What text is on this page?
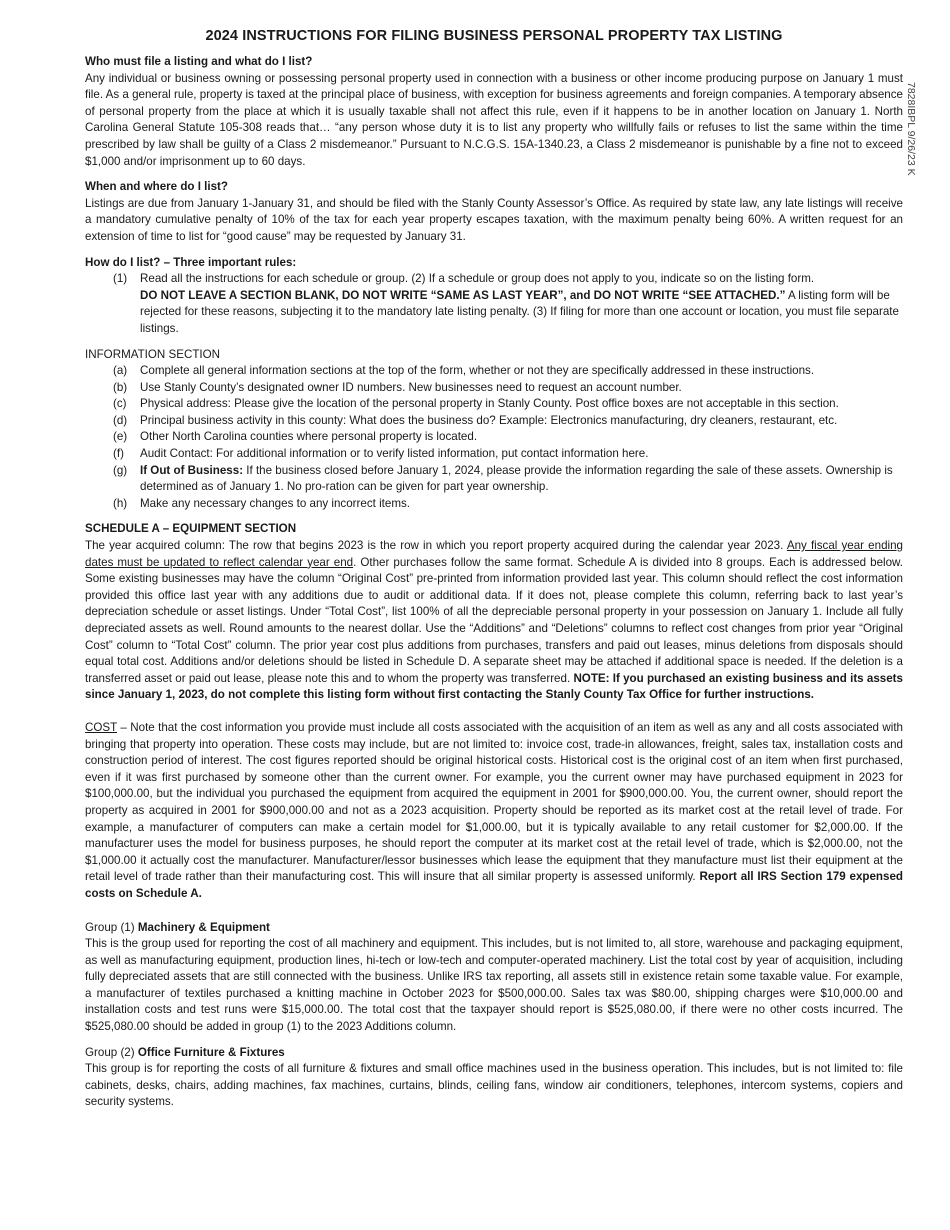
7828IBPL 9/26/23 K
2024 INSTRUCTIONS FOR FILING BUSINESS PERSONAL PROPERTY TAX LISTING

Who must file a listing and what do I list?

Any individual or business owning or possessing personal property used in connection with a business or other income producing purpose on January 1 must file. As a general rule, property is taxed at the principal place of business, with exception for business agreements and foreign companies. A temporary absence of personal property from the place at which it is usually taxable shall not affect this rule, even if it happens to be in another location on January 1. North Carolina General Statute 105-308 reads that… “any person whose duty it is to list any property who willfully fails or refuses to list the same within the time prescribed by law shall be guilty of a Class 2 misdemeanor.” Pursuant to N.C.G.S. 15A-1340.23, a Class 2 misdemeanor is punishable by a fine not to exceed $1,000 and/or imprisonment up to 60 days.

When and where do I list?

Listings are due from January 1-January 31, and should be filed with the Stanly County Assessor’s Office. As required by state law, any late listings will receive a mandatory cumulative penalty of 10% of the tax for each year property escapes taxation, with the maximum penalty being 60%. A written request for an extension of time to list for “good cause” may be requested by January 31.

How do I list? – Three important rules:

(1)	Read all the instructions for each schedule or group. (2) If a schedule or group does not apply to you, indicate so on the listing form.
DO NOT LEAVE A SECTION BLANK, DO NOT WRITE “SAME AS LAST YEAR”, and DO NOT WRITE “SEE ATTACHED.” A listing form will be rejected for these reasons, subjecting it to the mandatory late listing penalty. (3) If filing for more than one account or location, you must file separate listings.

INFORMATION SECTION

(a)	Complete all general information sections at the top of the form, whether or not they are specifically addressed in these instructions.
(b)	Use Stanly County’s designated owner ID numbers. New businesses need to request an account number.
(c)	Physical address: Please give the location of the personal property in Stanly County. Post office boxes are not acceptable in this section.
(d)	Principal business activity in this county: What does the business do? Example: Electronics manufacturing, dry cleaners, restaurant, etc.
(e)	Other North Carolina counties where personal property is located.
(f)	Audit Contact: For additional information or to verify listed information, put contact information here.
(g)	If Out of Business: If the business closed before January 1, 2024, please provide the information regarding the sale of these assets. Ownership is determined as of January 1. No pro-ration can be given for part year ownership.
(h)	Make any necessary changes to any incorrect items.

SCHEDULE A – EQUIPMENT SECTION

The year acquired column: The row that begins 2023 is the row in which you report property acquired during the calendar year 2023. Any fiscal year ending dates must be updated to reflect calendar year end. Other purchases follow the same format. Schedule A is divided into 8 groups. Each is addressed below. Some existing businesses may have the column “Original Cost” pre-printed from information provided last year. This column should reflect the cost information provided this office last year with any additions due to audit or additional data. If it does not, please complete this column, referring back to last year’s depreciation schedule or asset listings. Under “Total Cost”, list 100% of all the depreciable personal property in your possession on January 1. Include all fully depreciated assets as well. Round amounts to the nearest dollar. Use the “Additions” and “Deletions” columns to reflect cost changes from prior year “Original Cost” column to “Total Cost” column. The prior year cost plus additions from purchases, transfers and paid out leases, minus deletions from disposals should equal total cost. Additions and/or deletions should be listed in Schedule D. A separate sheet may be attached if additional space is needed. If the deletion is a transferred asset or paid out lease, please note this and to whom the property was transferred. NOTE: If you purchased an existing business and its assets since January 1, 2023, do not complete this listing form without first contacting the Stanly County Tax Office for further instructions.

COST – Note that the cost information you provide must include all costs associated with the acquisition of an item as well as any and all costs associated with bringing that property into operation. These costs may include, but are not limited to: invoice cost, trade-in allowances, freight, sales tax, installation costs and construction period of interest. The cost figures reported should be original historical costs. Historical cost is the original cost of an item when first purchased, even if it was first purchased by someone other than the current owner. For example, you the current owner may have purchased equipment in 2023 for $100,000.00, but the individual you purchased the equipment from acquired the equipment in 2001 for $900,000.00. You, the current owner, should report the property as acquired in 2001 for $900,000.00 and not as a 2023 acquisition. Property should be reported as its market cost at the retail level of trade. For example, a manufacturer of computers can make a certain model for $1,000.00, but it is typically available to any retail customer for $2,000.00. If the manufacturer uses the model for business purposes, he should report the computer at its market cost at the retail level of trade, which is $2,000.00, not the $1,000.00 it actually cost the manufacturer. Manufacturer/lessor businesses which lease the equipment that they manufacture must list their equipment at the retail level of trade rather than their manufacturing cost. This will insure that all similar property is assessed uniformly. Report all IRS Section 179 expensed costs on Schedule A.

Group (1) Machinery & Equipment

This is the group used for reporting the cost of all machinery and equipment. This includes, but is not limited to, all store, warehouse and packaging equipment, as well as manufacturing equipment, production lines, hi-tech or low-tech and computer-operated machinery. List the total cost by year of acquisition, including fully depreciated assets that are still connected with the business. Unlike IRS tax reporting, all assets still in existence retain some taxable value. For example, a manufacturer of textiles purchased a knitting machine in October 2023 for $500,000.00. Sales tax was $80.00, shipping charges were $10,000.00 and installation costs and test runs were $15,000.00. The total cost that the taxpayer should report is $525,080.00, if there were no other costs incurred. The $525,080.00 should be added in group (1) to the 2023 Additions column.

Group (2) Office Furniture & Fixtures

This group is for reporting the costs of all furniture & fixtures and small office machines used in the business operation. This includes, but is not limited to: file cabinets, desks, chairs, adding machines, fax machines, curtains, blinds, ceiling fans, window air conditioners, telephones, intercom systems, copiers and security systems.
